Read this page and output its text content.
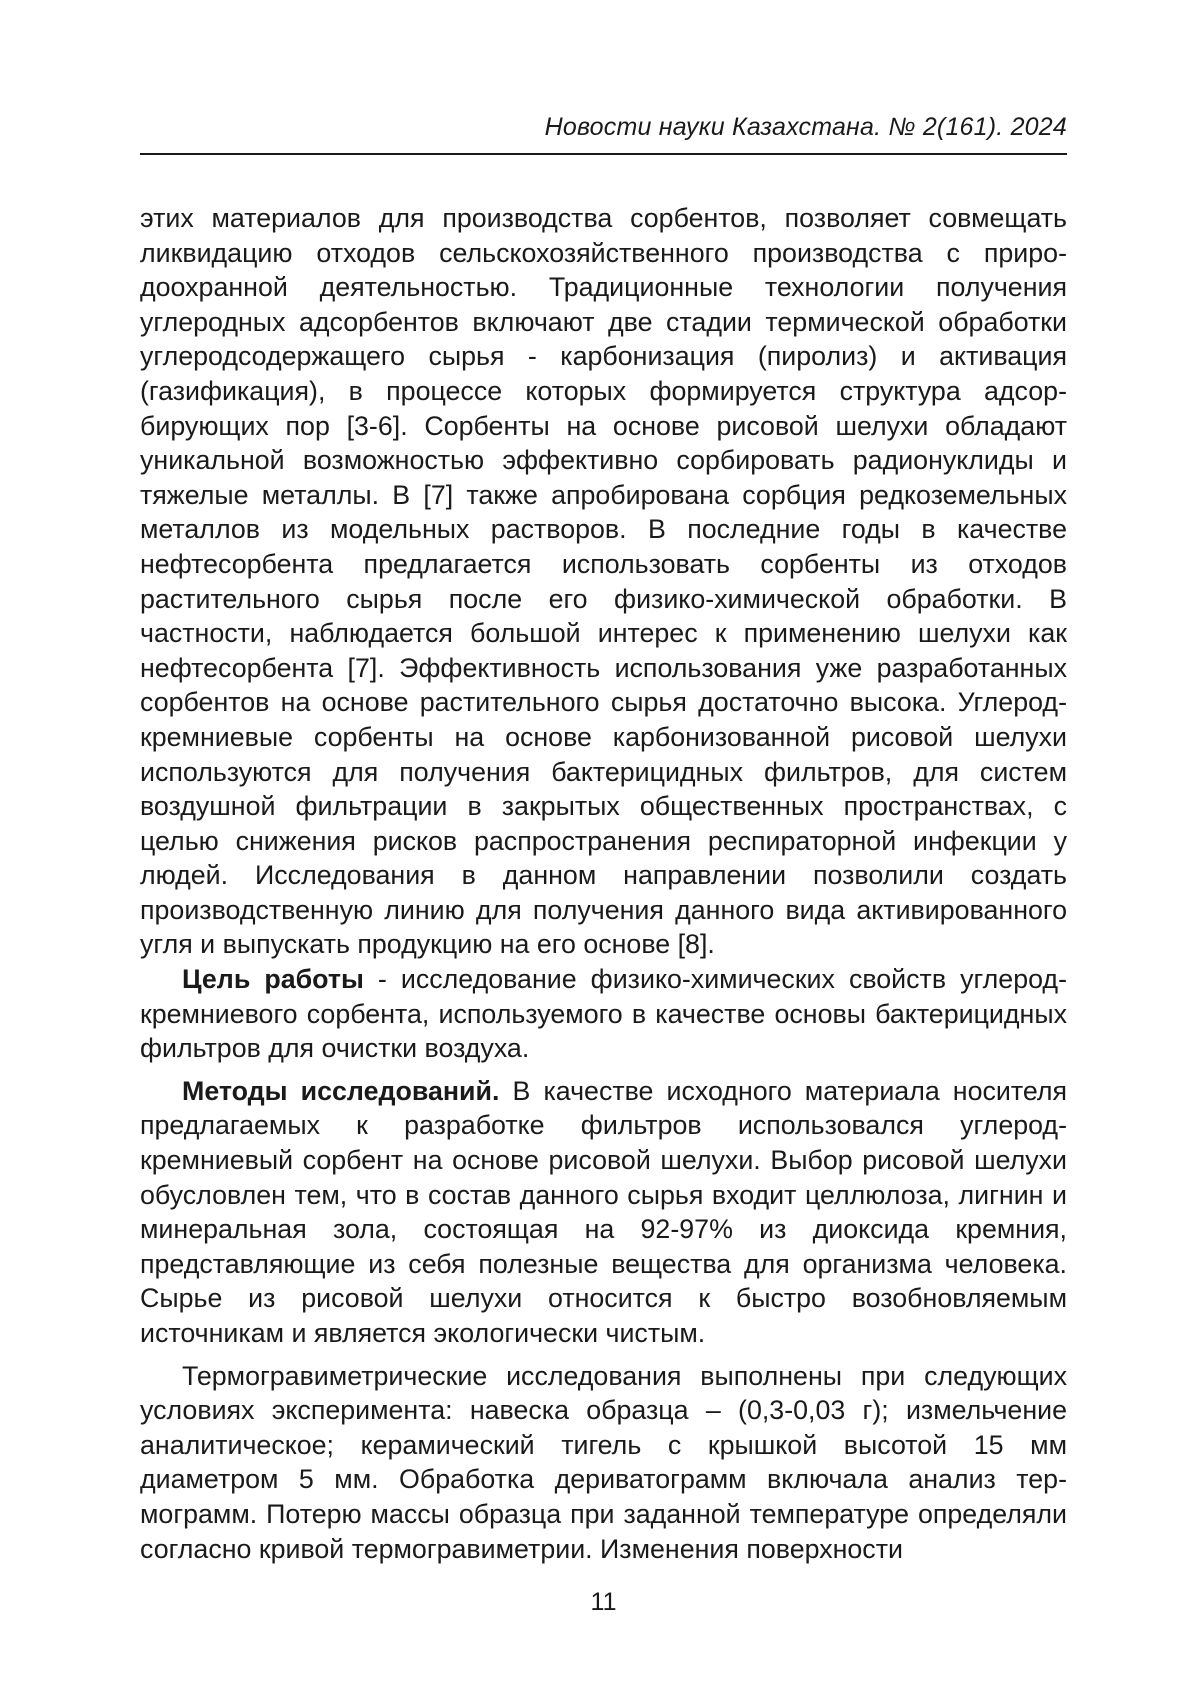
Новости науки Казахстана. № 2(161). 2024

этих материалов для производства сорбентов, позволяет совмещать ликвидацию отходов сельскохозяйственного производства с приро­доохранной деятельностью. Традиционные технологии получения углеродных адсорбентов включают две стадии термической обработ­ки углеродсодержащего сырья - карбонизация (пиролиз) и активация (газификация), в процессе которых формируется структура адсор­бирующих пор [3-6]. Сорбенты на основе рисовой шелухи обладают уникальной возможностью эффективно сорбировать радионуклиды и тяжелые металлы. В [7] также апробирована сорбция редкоземель­ных металлов из модельных растворов. В последние годы в каче­стве нефтесорбента предлагается использовать сорбенты из отхо­дов растительного сырья после его физико-химической обработки. В частности, наблюдается большой интерес к применению шелухи как нефтесорбента [7]. Эффективность использования уже разработан­ных сорбентов на основе растительного сырья достаточно высока. Углерод-кремниевые сорбенты на основе карбонизованной рисовой шелухи используются для получения бактерицидных фильтров, для систем воздушной фильтрации в закрытых общественных простран­ствах, с целью снижения рисков распространения респираторной инфекции у людей. Исследования в данном направлении позволили создать производственную линию для получения данного вида акти­вированного угля и выпускать продукцию на его основе [8].

Цель работы - исследование физико-химических свойств угле­род-кремниевого сорбента, используемого в качестве основы бакте­рицидных фильтров для очистки воздуха.

Методы исследований. В качестве исходного материала но­сителя предлагаемых к разработке фильтров использовался угле­род-кремниевый сорбент на основе рисовой шелухи. Выбор рисовой шелухи обусловлен тем, что в состав данного сырья входит целлюло­за, лигнин и минеральная зола, состоящая на 92-97% из диоксида кремния, представляющие из себя полезные вещества для организ­ма человека. Сырье из рисовой шелухи относится к быстро возобнов­ляемым источникам и является экологически чистым.

Термогравиметрические исследования выполнены при следую­щих условиях эксперимента: навеска образца – (0,3-0,03 г); измель­чение аналитическое; керамический тигель с крышкой высотой 15 мм диаметром 5 мм. Обработка дериватограмм включала анализ тер­мограмм. Потерю массы образца при заданной температуре опре­деляли согласно кривой термогравиметрии. Изменения поверхности

11
